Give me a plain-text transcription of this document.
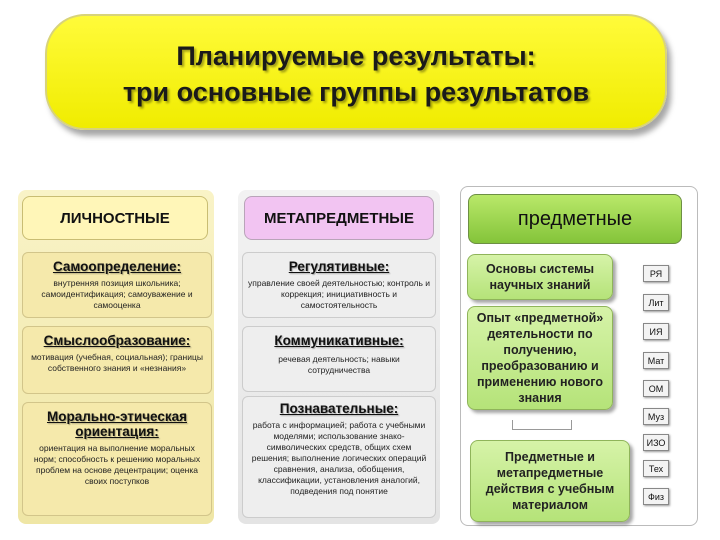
Планируемые результаты:
три основные группы результатов
ЛИЧНОСТНЫЕ
Самоопределение:
внутренняя позиция школьника; самоидентификация; самоуважение и самооценка
Смыслообразование:
мотивация (учебная, социальная); границы собственного знания и «незнания»
Морально-этическая ориентация:
ориентация на выполнение моральных норм; способность к решению моральных проблем на основе децентрации; оценка своих поступков
МЕТАПРЕДМЕТНЫЕ
Регулятивные:
управление своей деятельностью; контроль и коррекция; инициативность и самостоятельность
Коммуникативные:
речевая деятельность; навыки сотрудничества
Познавательные:
работа с информацией; работа с учебными моделями; использование знако-символических средств, общих схем решения; выполнение логических операций сравнения, анализа, обобщения, классификации, установления аналогий, подведения под понятие
предметные
Основы системы научных знаний
Опыт «предметной» деятельности по получению, преобразованию и применению нового знания
Предметные и метапредметные действия с учебным материалом
РЯ
Лит
ИЯ
Мат
ОМ
Муз
ИЗО
Тех
Физ
